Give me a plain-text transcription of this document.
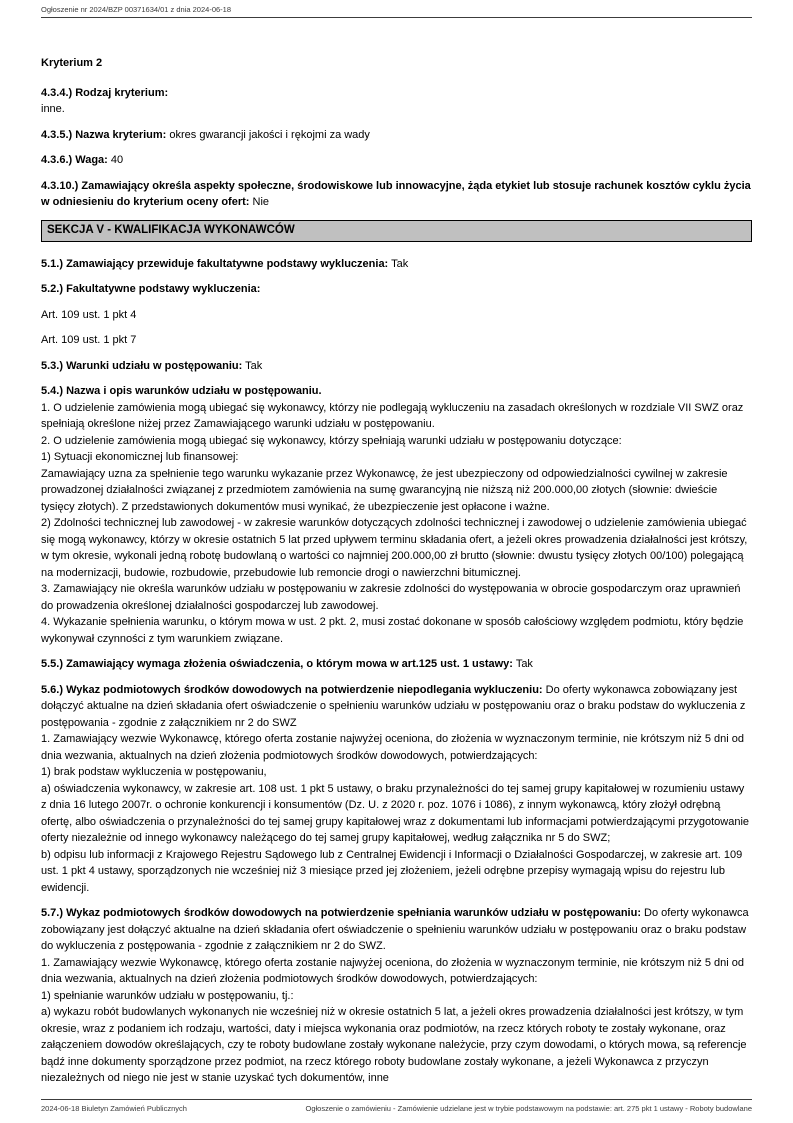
Ogłoszenie nr 2024/BZP 00371634/01 z dnia 2024-06-18
Kryterium 2
4.3.4.) Rodzaj kryterium:
inne.

4.3.5.) Nazwa kryterium: okres gwarancji jakości i rękojmi za wady

4.3.6.) Waga: 40

4.3.10.) Zamawiający określa aspekty społeczne, środowiskowe lub innowacyjne, żąda etykiet lub stosuje rachunek kosztów cyklu życia w odniesieniu do kryterium oceny ofert: Nie

SEKCJA V - KWALIFIKACJA WYKONAWCÓW

5.1.) Zamawiający przewiduje fakultatywne podstawy wykluczenia: Tak

5.2.) Fakultatywne podstawy wykluczenia:

Art. 109 ust. 1 pkt 4

Art. 109 ust. 1 pkt 7

5.3.) Warunki udziału w postępowaniu: Tak

5.4.) Nazwa i opis warunków udziału w postępowaniu.
1. O udzielenie zamówienia mogą ubiegać się wykonawcy, którzy nie podlegają wykluczeniu na zasadach określonych w rozdziale VII SWZ oraz spełniają określone niżej przez Zamawiającego warunki udziału w postępowaniu.
2. O udzielenie zamówienia mogą ubiegać się wykonawcy, którzy spełniają warunki udziału w postępowaniu dotyczące:
1) Sytuacji ekonomicznej lub finansowej:
Zamawiający uzna za spełnienie tego warunku wykazanie przez Wykonawcę, że jest ubezpieczony od odpowiedzialności cywilnej w zakresie prowadzonej działalności związanej z przedmiotem zamówienia na sumę gwarancyjną nie niższą niż 200.000,00 złotych (słownie: dwieście tysięcy złotych). Z przedstawionych dokumentów musi wynikać, że ubezpieczenie jest opłacone i ważne.
2) Zdolności technicznej lub zawodowej - w zakresie warunków dotyczących zdolności technicznej i zawodowej o udzielenie zamówienia ubiegać się mogą wykonawcy, którzy w okresie ostatnich 5 lat przed upływem terminu składania ofert, a jeżeli okres prowadzenia działalności jest krótszy, w tym okresie, wykonali jedną robotę budowlaną o wartości co najmniej 200.000,00 zł brutto (słownie: dwustu tysięcy złotych 00/100) polegającą na modernizacji, budowie, rozbudowie, przebudowie lub remoncie drogi o nawierzchni bitumicznej.
3. Zamawiający nie określa warunków udziału w postępowaniu w zakresie zdolności do występowania w obrocie gospodarczym oraz uprawnień do prowadzenia określonej działalności gospodarczej lub zawodowej.
4. Wykazanie spełnienia warunku, o którym mowa w ust. 2 pkt. 2, musi zostać dokonane w sposób całościowy względem podmiotu, który będzie wykonywał czynności z tym warunkiem związane.

5.5.) Zamawiający wymaga złożenia oświadczenia, o którym mowa w art.125 ust. 1 ustawy: Tak

5.6.) Wykaz podmiotowych środków dowodowych na potwierdzenie niepodlegania wykluczeniu: Do oferty wykonawca zobowiązany jest dołączyć aktualne na dzień składania ofert oświadczenie o spełnieniu warunków udziału w postępowaniu oraz o braku podstaw do wykluczenia z postępowania - zgodnie z załącznikiem nr 2 do SWZ
1. Zamawiający wezwie Wykonawcę, którego oferta zostanie najwyżej oceniona, do złożenia w wyznaczonym terminie, nie krótszym niż 5 dni od dnia wezwania, aktualnych na dzień złożenia podmiotowych środków dowodowych, potwierdzających:
1) brak podstaw wykluczenia w postępowaniu,
a) oświadczenia wykonawcy, w zakresie art. 108 ust. 1 pkt 5 ustawy, o braku przynależności do tej samej grupy kapitałowej w rozumieniu ustawy z dnia 16 lutego 2007r. o ochronie konkurencji i konsumentów (Dz. U. z 2020 r. poz. 1076 i 1086), z innym wykonawcą, który złożył odrębną ofertę, albo oświadczenia o przynależności do tej samej grupy kapitałowej wraz z dokumentami lub informacjami potwierdzającymi przygotowanie oferty niezależnie od innego wykonawcy należącego do tej samej grupy kapitałowej, według załącznika nr 5 do SWZ;
b) odpisu lub informacji z Krajowego Rejestru Sądowego lub z Centralnej Ewidencji i Informacji o Działalności Gospodarczej, w zakresie art. 109 ust. 1 pkt 4 ustawy, sporządzonych nie wcześniej niż 3 miesiące przed jej złożeniem, jeżeli odrębne przepisy wymagają wpisu do rejestru lub ewidencji.
5.7.) Wykaz podmiotowych środków dowodowych na potwierdzenie spełniania warunków udziału w postępowaniu: Do oferty wykonawca zobowiązany jest dołączyć aktualne na dzień składania ofert oświadczenie o spełnieniu warunków udziału w postępowaniu oraz o braku podstaw do wykluczenia z postępowania - zgodnie z załącznikiem nr 2 do SWZ.
1. Zamawiający wezwie Wykonawcę, którego oferta zostanie najwyżej oceniona, do złożenia w wyznaczonym terminie, nie krótszym niż 5 dni od dnia wezwania, aktualnych na dzień złożenia podmiotowych środków dowodowych, potwierdzających:
1) spełnianie warunków udziału w postępowaniu, tj.:
a) wykazu robót budowlanych wykonanych nie wcześniej niż w okresie ostatnich 5 lat, a jeżeli okres prowadzenia działalności jest krótszy, w tym okresie, wraz z podaniem ich rodzaju, wartości, daty i miejsca wykonania oraz podmiotów, na rzecz których roboty te zostały wykonane, oraz załączeniem dowodów określających, czy te roboty budowlane zostały wykonane należycie, przy czym dowodami, o których mowa, są referencje bądź inne dokumenty sporządzone przez podmiot, na rzecz którego roboty budowlane zostały wykonane, a jeżeli Wykonawca z przyczyn niezależnych od niego nie jest w stanie uzyskać tych dokumentów, inne
2024-06-18 Biuletyn Zamówień Publicznych	Ogłoszenie o zamówieniu - Zamówienie udzielane jest w trybie podstawowym na podstawie: art. 275 pkt 1 ustawy - Roboty budowlane
